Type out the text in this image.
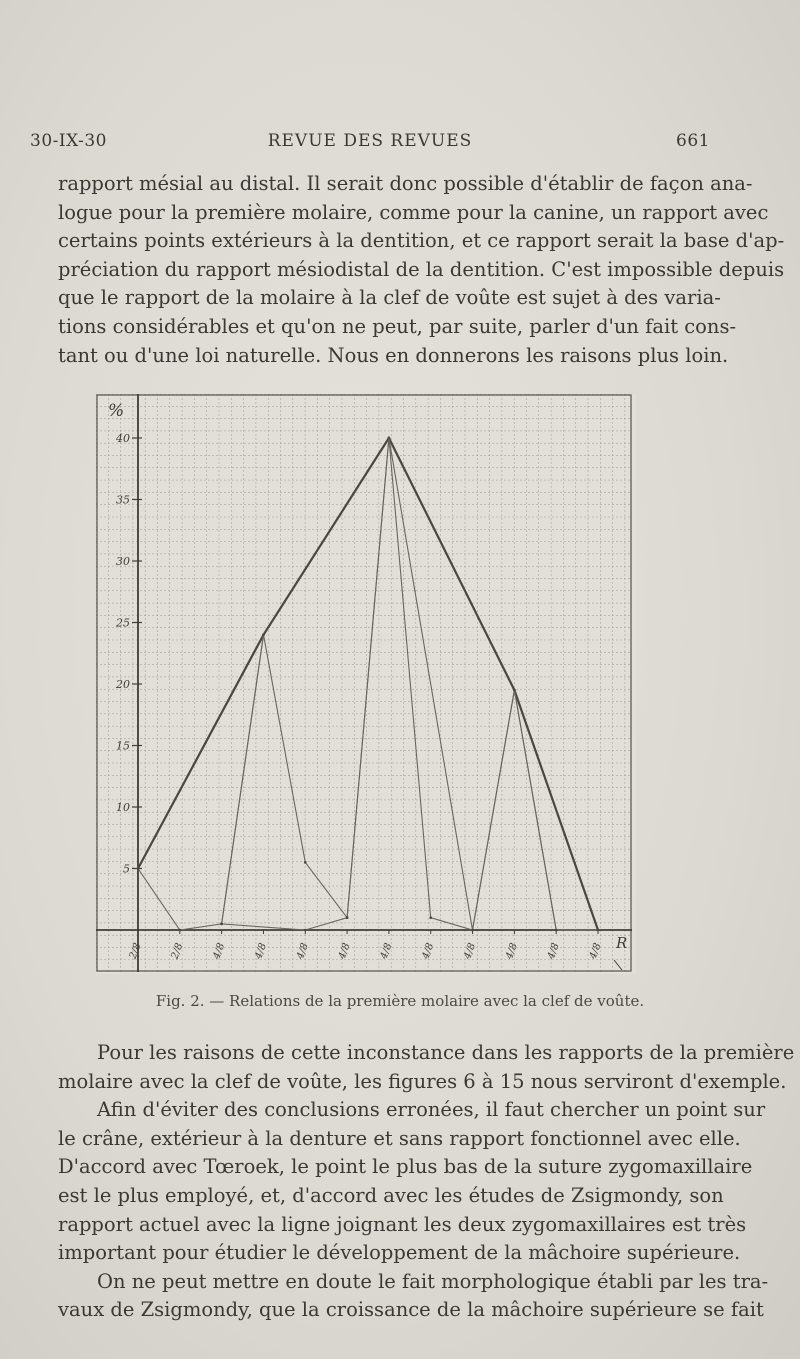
30-IX-30	REVUE DES REVUES	661
rapport mésial au distal. Il serait donc possible d'établir de façon ana-
logue pour la première molaire, comme pour la canine, un rapport avec
certains points extérieurs à la dentition, et ce rapport serait la base d'ap-
préciation du rapport mésiodistal de la dentition. C'est impossible depuis
que le rapport de la molaire à la clef de voûte est sujet à des varia-
tions considérables et qu'on ne peut, par suite, parler d'un fait cons-
tant ou d'une loi naturelle. Nous en donnerons les raisons plus loin.
%
5
10
15
20
25
30
35
40
2/8	2/8	4/8	4/8	4/8	4/8	4/8	4/8	4/8	4/8	4/8	4/8 R
Fig. 2. — Relations de la première molaire avec la clef de voûte.
Pour les raisons de cette inconstance dans les rapports de la première
molaire avec la clef de voûte, les figures 6 à 15 nous serviront d'exemple.
Afin d'éviter des conclusions erronées, il faut chercher un point sur
le crâne, extérieur à la denture et sans rapport fonctionnel avec elle.
D'accord avec Tœroek, le point le plus bas de la suture zygomaxillaire
est le plus employé, et, d'accord avec les études de Zsigmondy, son
rapport actuel avec la ligne joignant les deux zygomaxillaires est très
important pour étudier le développement de la mâchoire supérieure.
On ne peut mettre en doute le fait morphologique établi par les tra-
vaux de Zsigmondy, que la croissance de la mâchoire supérieure se fait
